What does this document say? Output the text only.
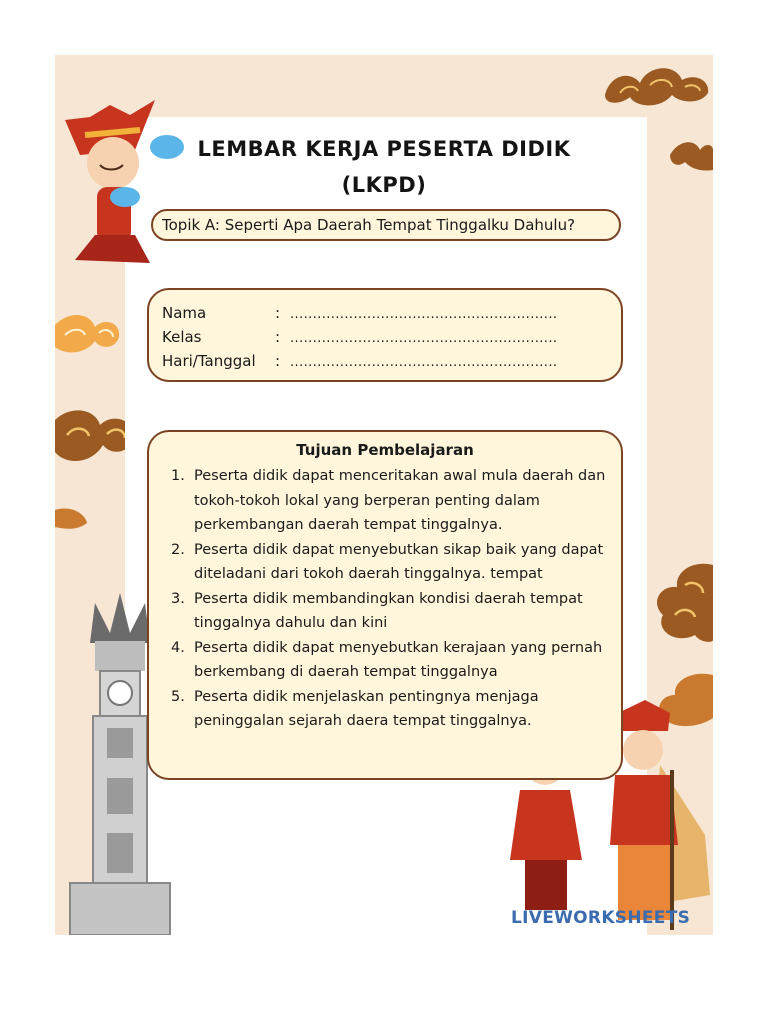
LEMBAR KERJA PESERTA DIDIK
(LKPD)
Topik A: Seperti Apa Daerah Tempat Tinggalku Dahulu?
Nama	: ...........................................................
Kelas	: ...........................................................
Hari/Tanggal : ...........................................................
Tujuan Pembelajaran
1. Peserta didik dapat menceritakan awal mula daerah dan tokoh-tokoh lokal yang berperan penting dalam perkembangan daerah tempat tinggalnya.
2. Peserta didik dapat menyebutkan sikap baik yang dapat diteladani dari tokoh daerah tinggalnya. tempat
3. Peserta didik membandingkan kondisi daerah tempat tinggalnya dahulu dan kini
4. Peserta didik dapat menyebutkan kerajaan yang pernah berkembang di daerah tempat tinggalnya
5. Peserta didik menjelaskan pentingnya menjaga peninggalan sejarah daera tempat tinggalnya.
LIVEWORKSHEETS
